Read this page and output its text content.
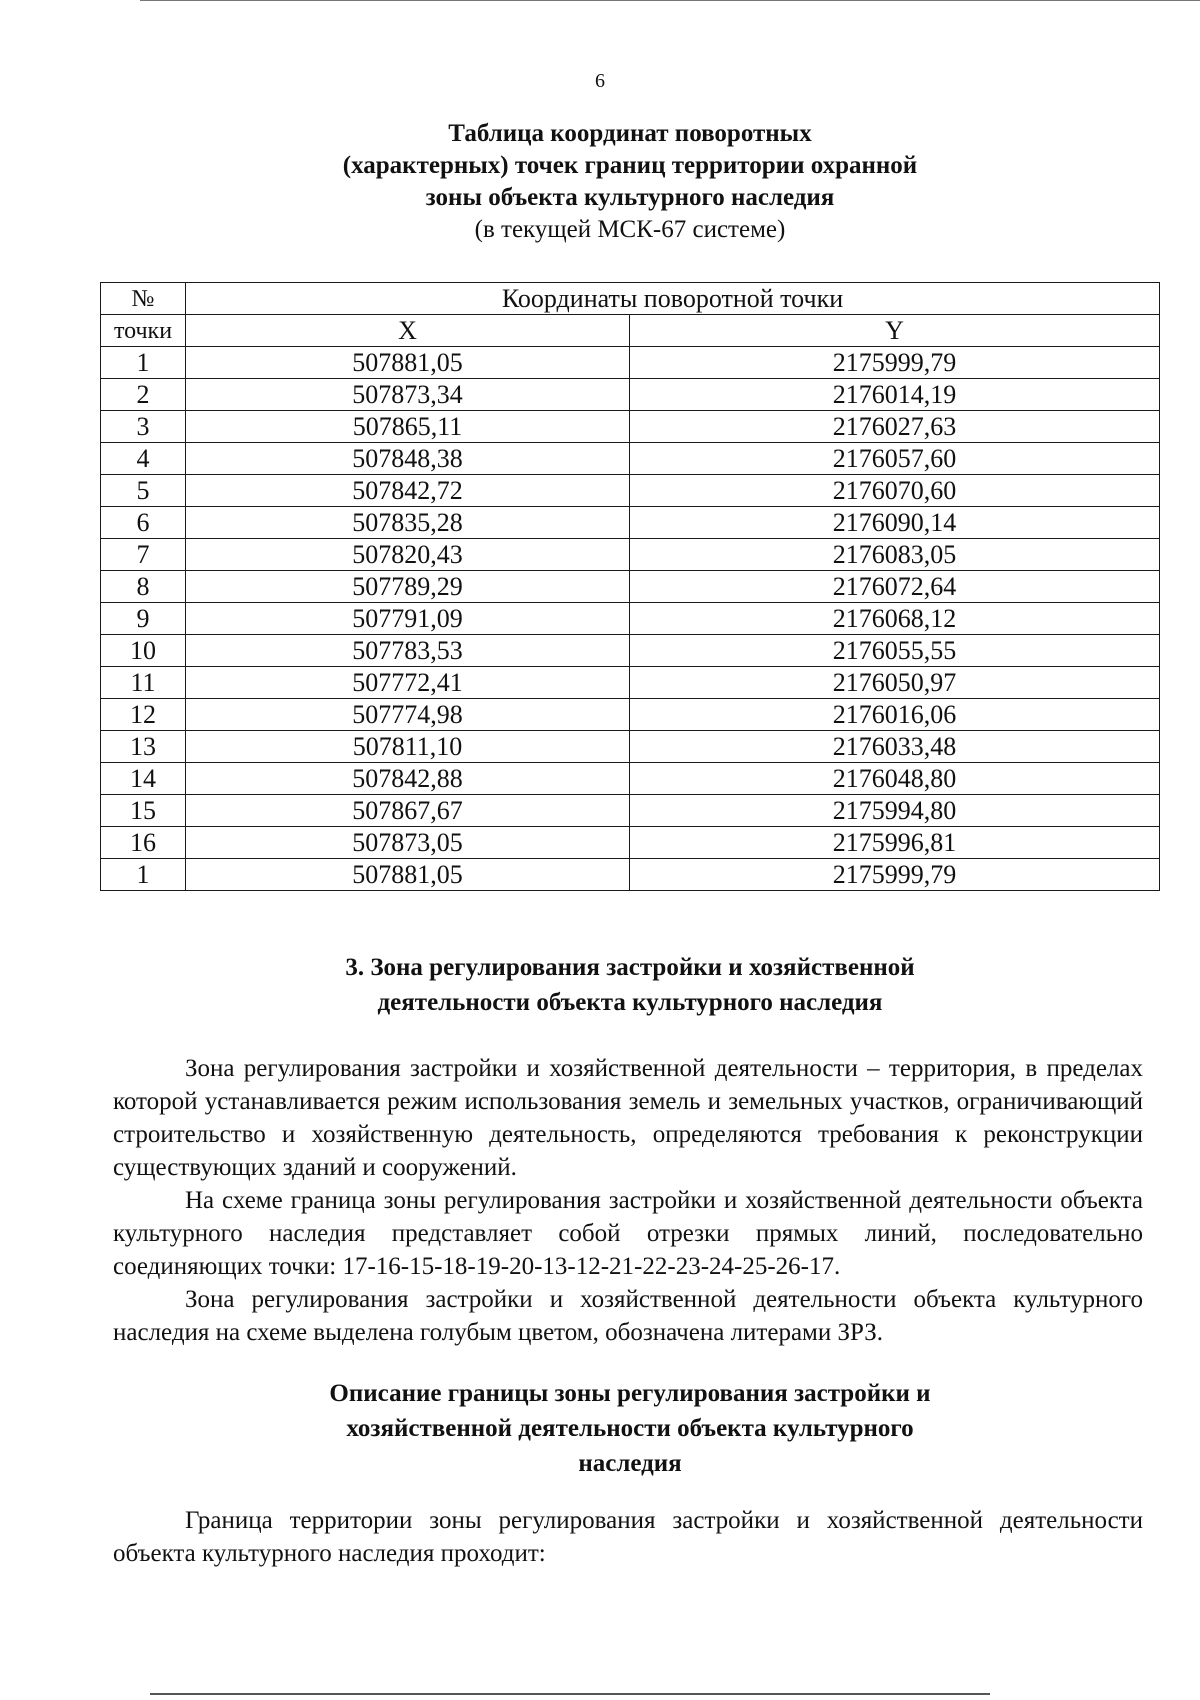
6
Таблица координат поворотных
(характерных) точек границ территории охранной
зоны объекта культурного наследия
(в текущей МСК-67 системе)
№	Координаты поворотной точки	
точки	X	Y
1	507881,05	2175999,79
2	507873,34	2176014,19
3	507865,11	2176027,63
4	507848,38	2176057,60
5	507842,72	2176070,60
6	507835,28	2176090,14
7	507820,43	2176083,05
8	507789,29	2176072,64
9	507791,09	2176068,12
10	507783,53	2176055,55
11	507772,41	2176050,97
12	507774,98	2176016,06
13	507811,10	2176033,48
14	507842,88	2176048,80
15	507867,67	2175994,80
16	507873,05	2175996,81
1	507881,05	2175999,79
3. Зона регулирования застройки и хозяйственной
деятельности объекта культурного наследия

Зона регулирования застройки и хозяйственной деятельности – территория, в пределах которой устанавливается режим использования земель и земельных участков, ограничивающий строительство и хозяйственную деятельность, определяются требования к реконструкции существующих зданий и сооружений.

На схеме граница зоны регулирования застройки и хозяйственной деятельности объекта культурного наследия представляет собой отрезки прямых линий, последовательно соединяющих точки: 17-16-15-18-19-20-13-12-21-22-23-24-25-26-17.

Зона регулирования застройки и хозяйственной деятельности объекта культурного наследия на схеме выделена голубым цветом, обозначена литерами ЗРЗ.

Описание границы зоны регулирования застройки и
хозяйственной деятельности объекта культурного
наследия

Граница территории зоны регулирования застройки и хозяйственной деятельности объекта культурного наследия проходит:
